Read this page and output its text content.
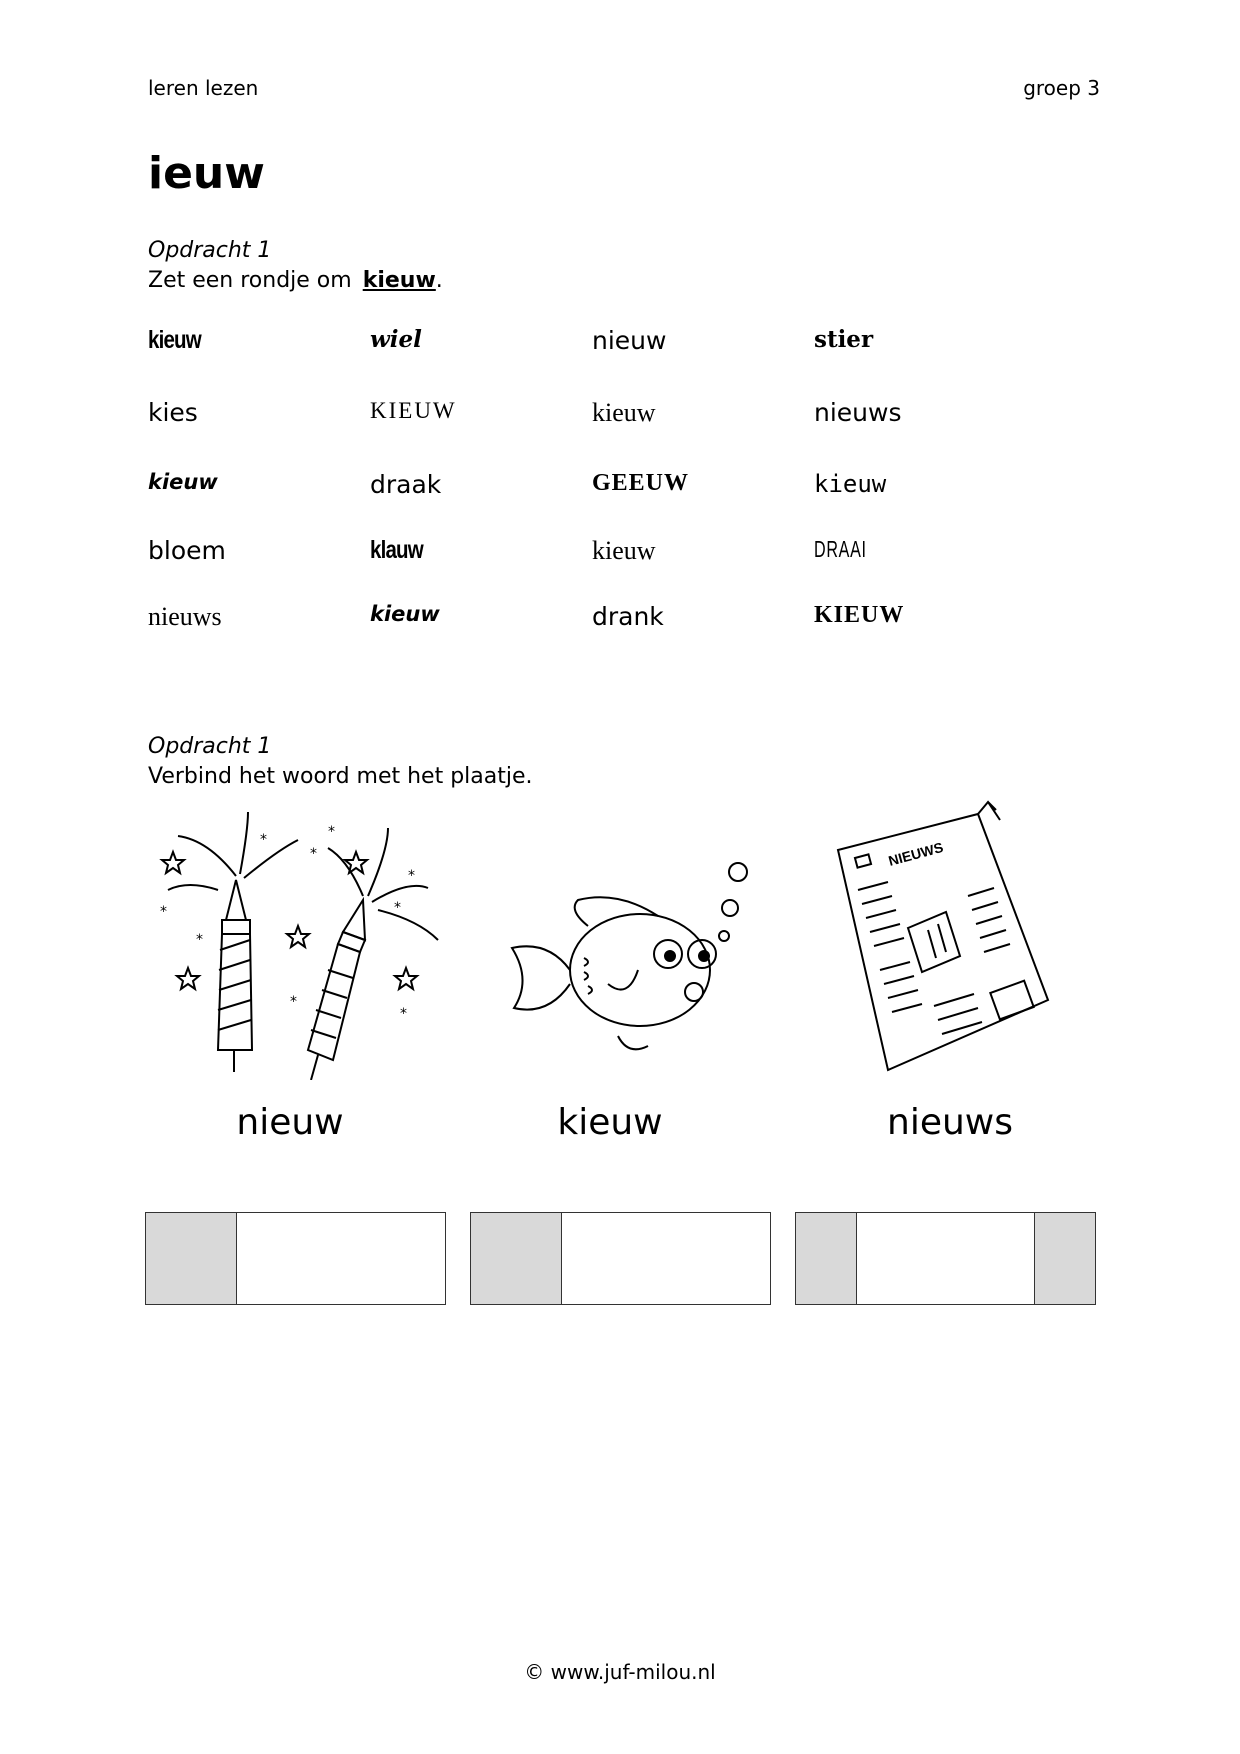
leren lezen	groep 3
ieuw
Opdracht 1
Zet een rondje om kieuw.
kieuw	wiel	nieuw	stier
kies	KIEUW	kieuw	nieuws
kieuw	draak	GEEUW	kieuw
bloem	klauw	kieuw	DRAAI
nieuws	kieuw	drank	KIEUW
Opdracht 1
Verbind het woord met het plaatje.
*
*
*
*
*
*
*
*
*
NIEUWS
nieuw	kieuw	nieuws
© www.juf-milou.nl
